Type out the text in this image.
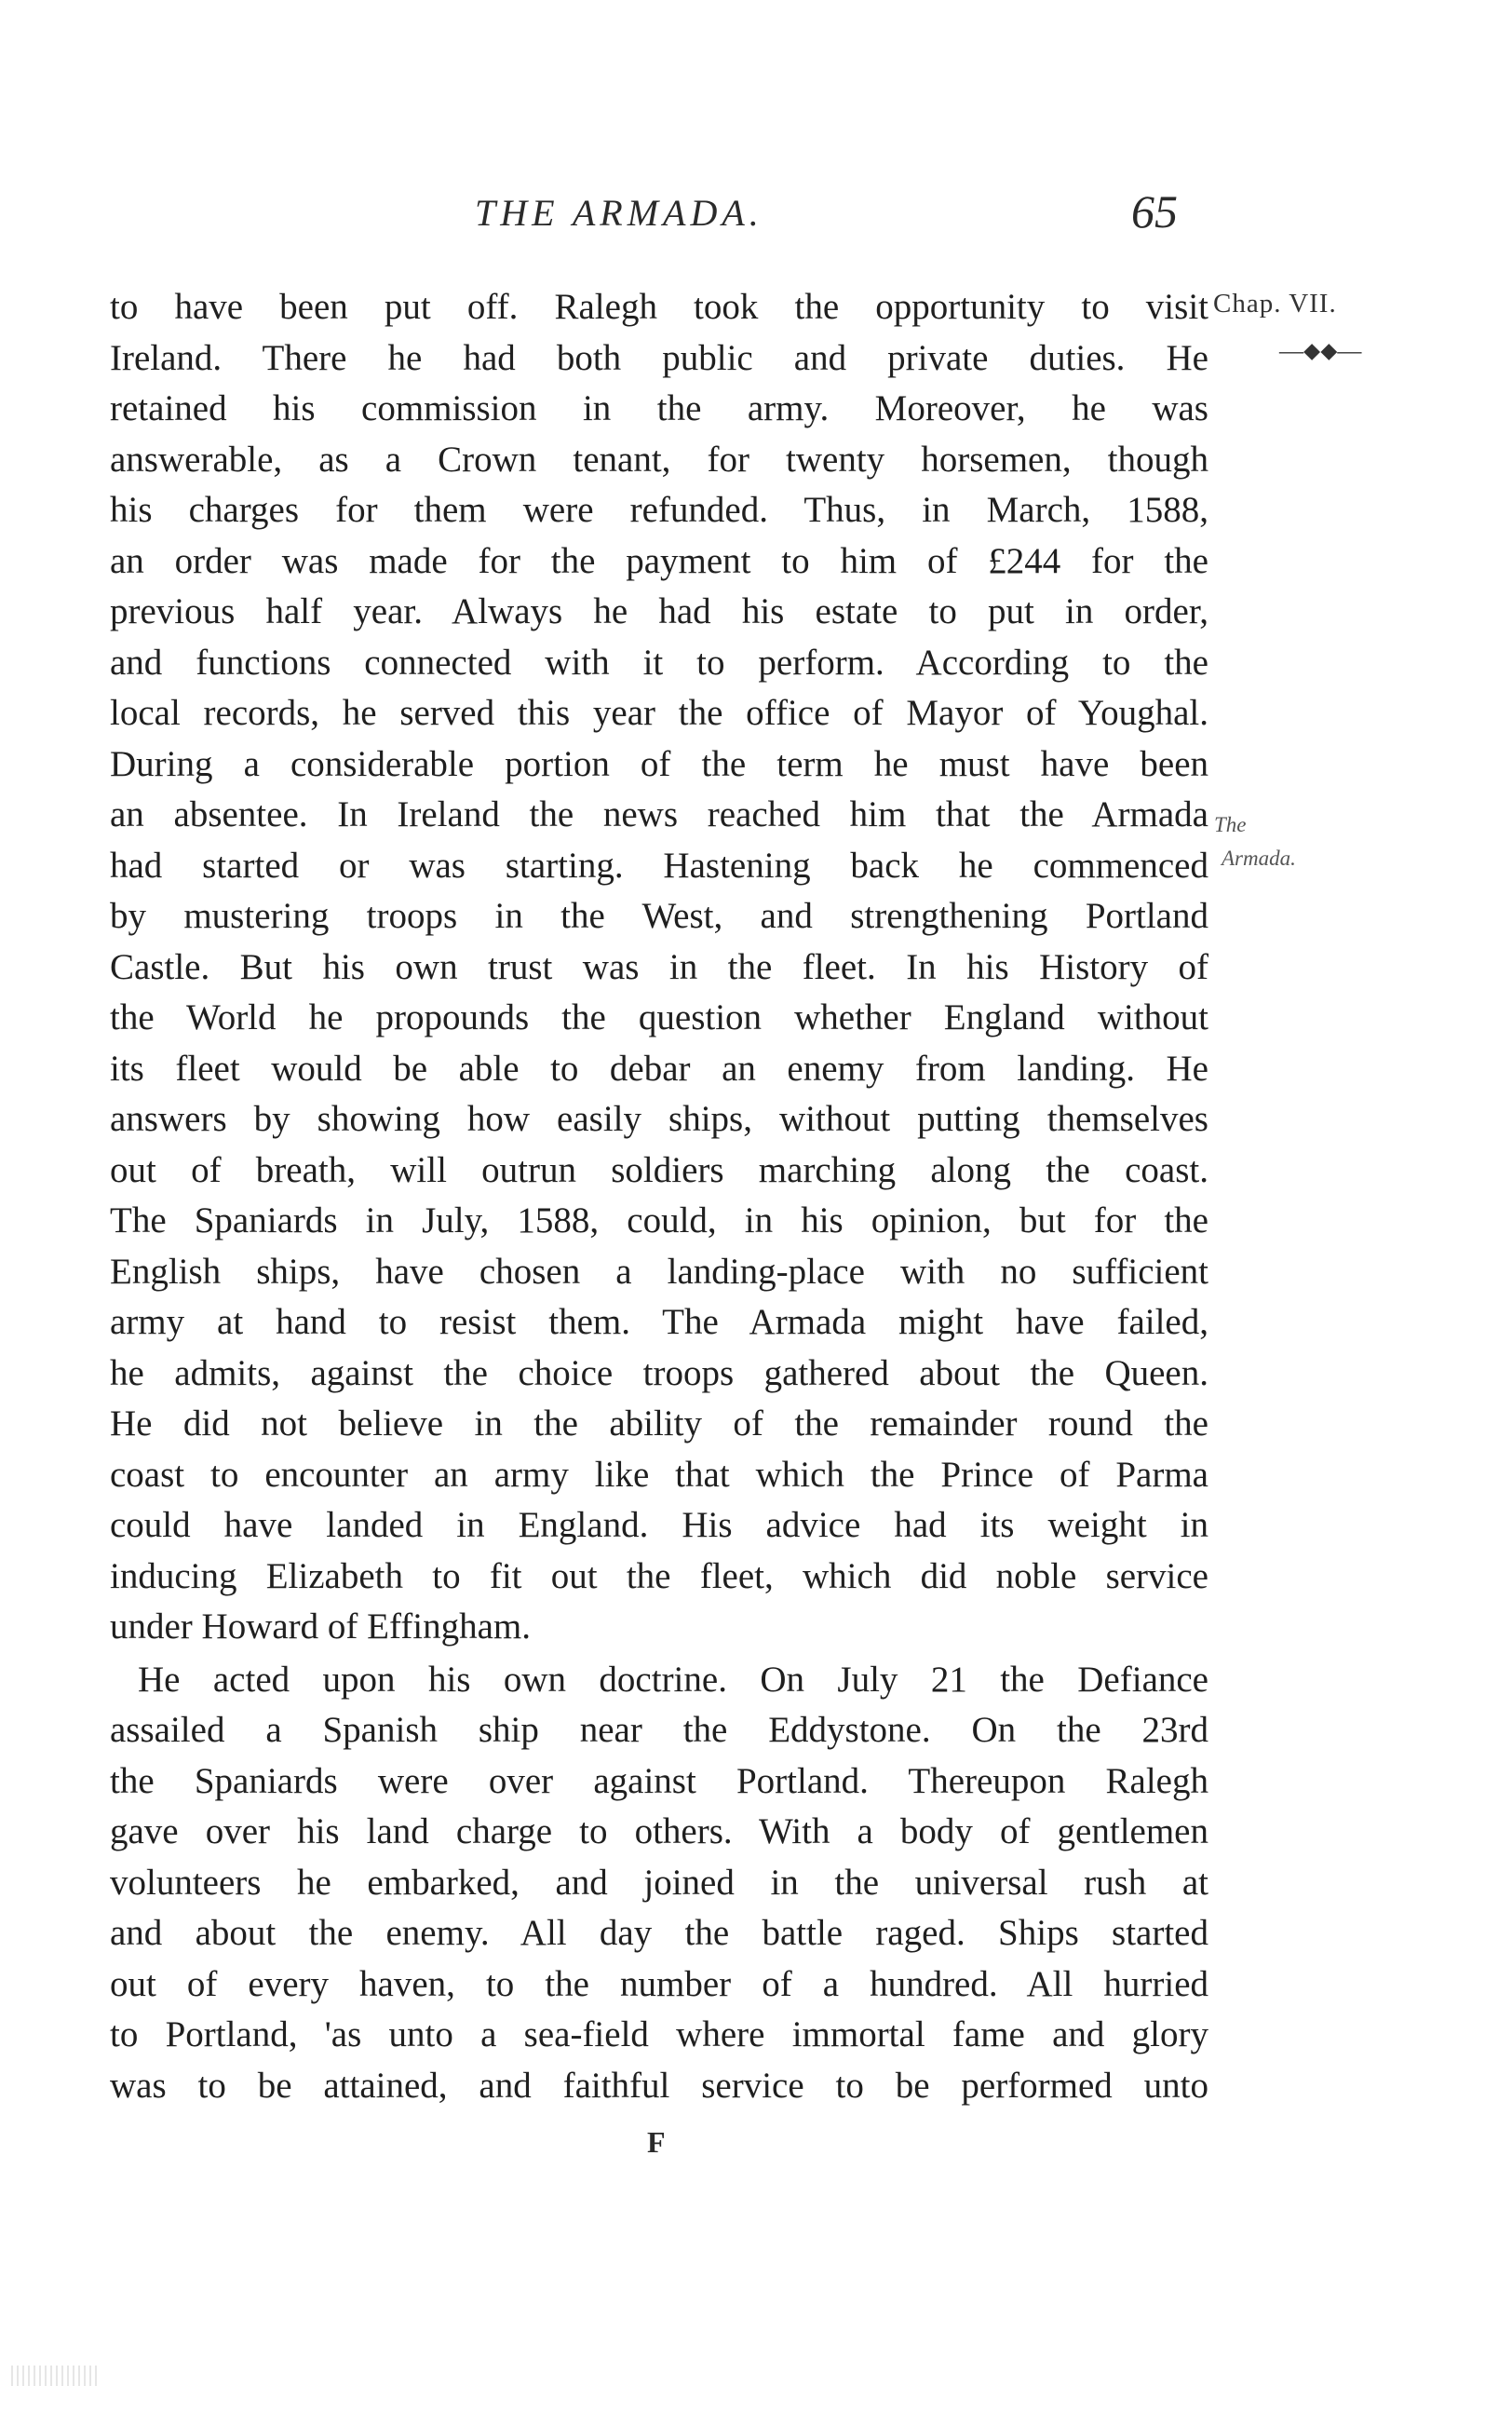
THE ARMADA.	65
Chap. VII.
—⬥⬥—
The
Armada.
to have been put off. Ralegh took the opportunity to visit
Ireland. There he had both public and private duties. He
retained his commission in the army. Moreover, he was
answerable, as a Crown tenant, for twenty horsemen, though
his charges for them were refunded. Thus, in March, 1588,
an order was made for the payment to him of £244 for the
previous half year. Always he had his estate to put in order,
and functions connected with it to perform. According to the
local records, he served this year the office of Mayor of Youghal.
During a considerable portion of the term he must have been
an absentee. In Ireland the news reached him that the Armada
had started or was starting. Hastening back he commenced
by mustering troops in the West, and strengthening Portland
Castle. But his own trust was in the fleet. In his History of
the World he propounds the question whether England without
its fleet would be able to debar an enemy from landing. He
answers by showing how easily ships, without putting themselves
out of breath, will outrun soldiers marching along the coast.
The Spaniards in July, 1588, could, in his opinion, but for the
English ships, have chosen a landing-place with no sufficient
army at hand to resist them. The Armada might have failed,
he admits, against the choice troops gathered about the Queen.
He did not believe in the ability of the remainder round the
coast to encounter an army like that which the Prince of Parma
could have landed in England. His advice had its weight in
inducing Elizabeth to fit out the fleet, which did noble service
under Howard of Effingham.
He acted upon his own doctrine. On July 21 the Defiance
assailed a Spanish ship near the Eddystone. On the 23rd
the Spaniards were over against Portland. Thereupon Ralegh
gave over his land charge to others. With a body of gentlemen
volunteers he embarked, and joined in the universal rush at
and about the enemy. All day the battle raged. Ships started
out of every haven, to the number of a hundred. All hurried
to Portland, 'as unto a sea-field where immortal fame and glory
was to be attained, and faithful service to be performed unto
F
